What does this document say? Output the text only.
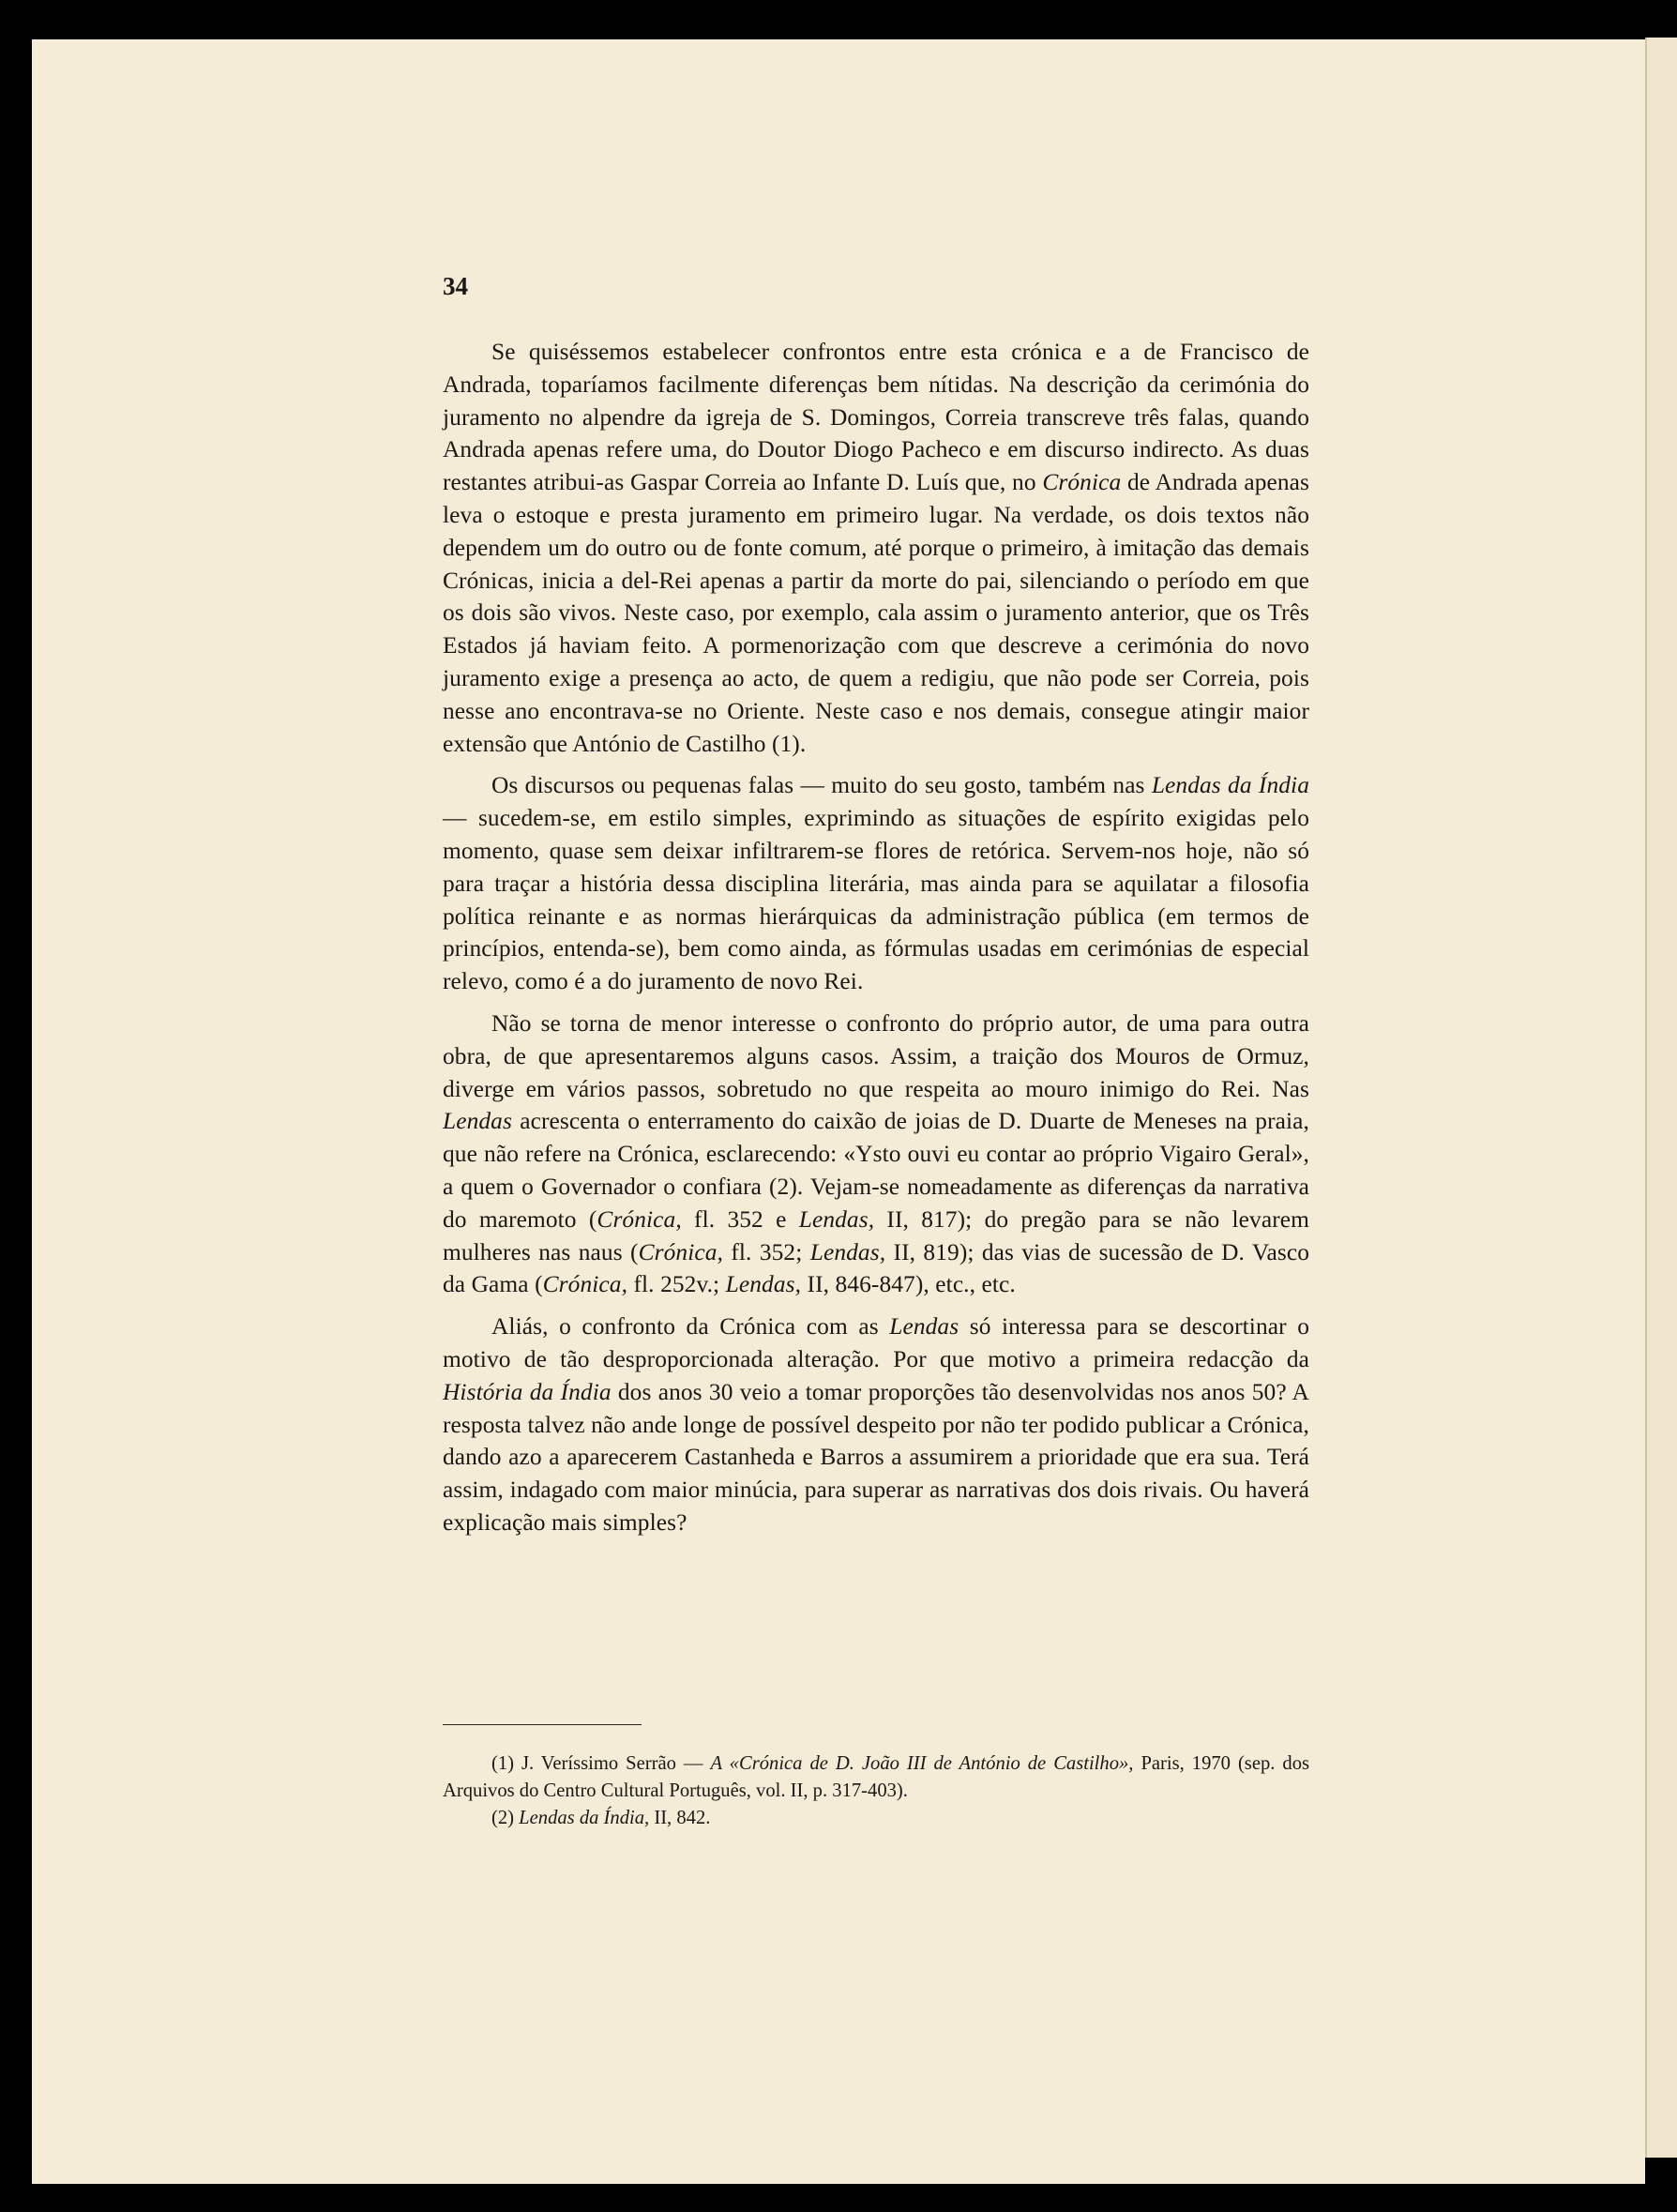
34

Se quiséssemos estabelecer confrontos entre esta crónica e a de Francisco de Andrada, toparíamos facilmente diferenças bem nítidas. Na descrição da cerimónia do juramento no alpendre da igreja de S. Domingos, Correia transcreve três falas, quando Andrada apenas refere uma, do Doutor Diogo Pacheco e em discurso indirecto. As duas restantes atribui-as Gaspar Correia ao Infante D. Luís que, no Crónica de Andrada apenas leva o estoque e presta juramento em primeiro lugar. Na verdade, os dois textos não dependem um do outro ou de fonte comum, até porque o primeiro, à imitação das demais Crónicas, inicia a del-Rei apenas a partir da morte do pai, silenciando o período em que os dois são vivos. Neste caso, por exemplo, cala assim o juramento anterior, que os Três Estados já haviam feito. A pormenorização com que descreve a cerimónia do novo juramento exige a presença ao acto, de quem a redigiu, que não pode ser Correia, pois nesse ano encontrava-se no Oriente. Neste caso e nos demais, consegue atingir maior extensão que António de Castilho (1).

Os discursos ou pequenas falas — muito do seu gosto, também nas Lendas da Índia — sucedem-se, em estilo simples, exprimindo as situações de espírito exigidas pelo momento, quase sem deixar infiltrarem-se flores de retórica. Servem-nos hoje, não só para traçar a história dessa disciplina literária, mas ainda para se aquilatar a filosofia política reinante e as normas hierárquicas da administração pública (em termos de princípios, entenda-se), bem como ainda, as fórmulas usadas em cerimónias de especial relevo, como é a do juramento de novo Rei.

Não se torna de menor interesse o confronto do próprio autor, de uma para outra obra, de que apresentaremos alguns casos. Assim, a traição dos Mouros de Ormuz, diverge em vários passos, sobretudo no que respeita ao mouro inimigo do Rei. Nas Lendas acrescenta o enterramento do caixão de joias de D. Duarte de Meneses na praia, que não refere na Crónica, esclarecendo: «Ysto ouvi eu contar ao próprio Vigairo Geral», a quem o Governador o confiara (2). Vejam-se nomeadamente as diferenças da narrativa do maremoto (Crónica, fl. 352 e Lendas, II, 817); do pregão para se não levarem mulheres nas naus (Crónica, fl. 352; Lendas, II, 819); das vias de sucessão de D. Vasco da Gama (Crónica, fl. 252v.; Lendas, II, 846-847), etc., etc.

Aliás, o confronto da Crónica com as Lendas só interessa para se descortinar o motivo de tão desproporcionada alteração. Por que motivo a primeira redacção da História da Índia dos anos 30 veio a tomar proporções tão desenvolvidas nos anos 50? A resposta talvez não ande longe de possível despeito por não ter podido publicar a Crónica, dando azo a aparecerem Castanheda e Barros a assumirem a prioridade que era sua. Terá assim, indagado com maior minúcia, para superar as narrativas dos dois rivais. Ou haverá explicação mais simples?

(1) J. Veríssimo Serrão — A «Crónica de D. João III de António de Castilho», Paris, 1970 (sep. dos Arquivos do Centro Cultural Português, vol. II, p. 317-403).

(2) Lendas da Índia, II, 842.
